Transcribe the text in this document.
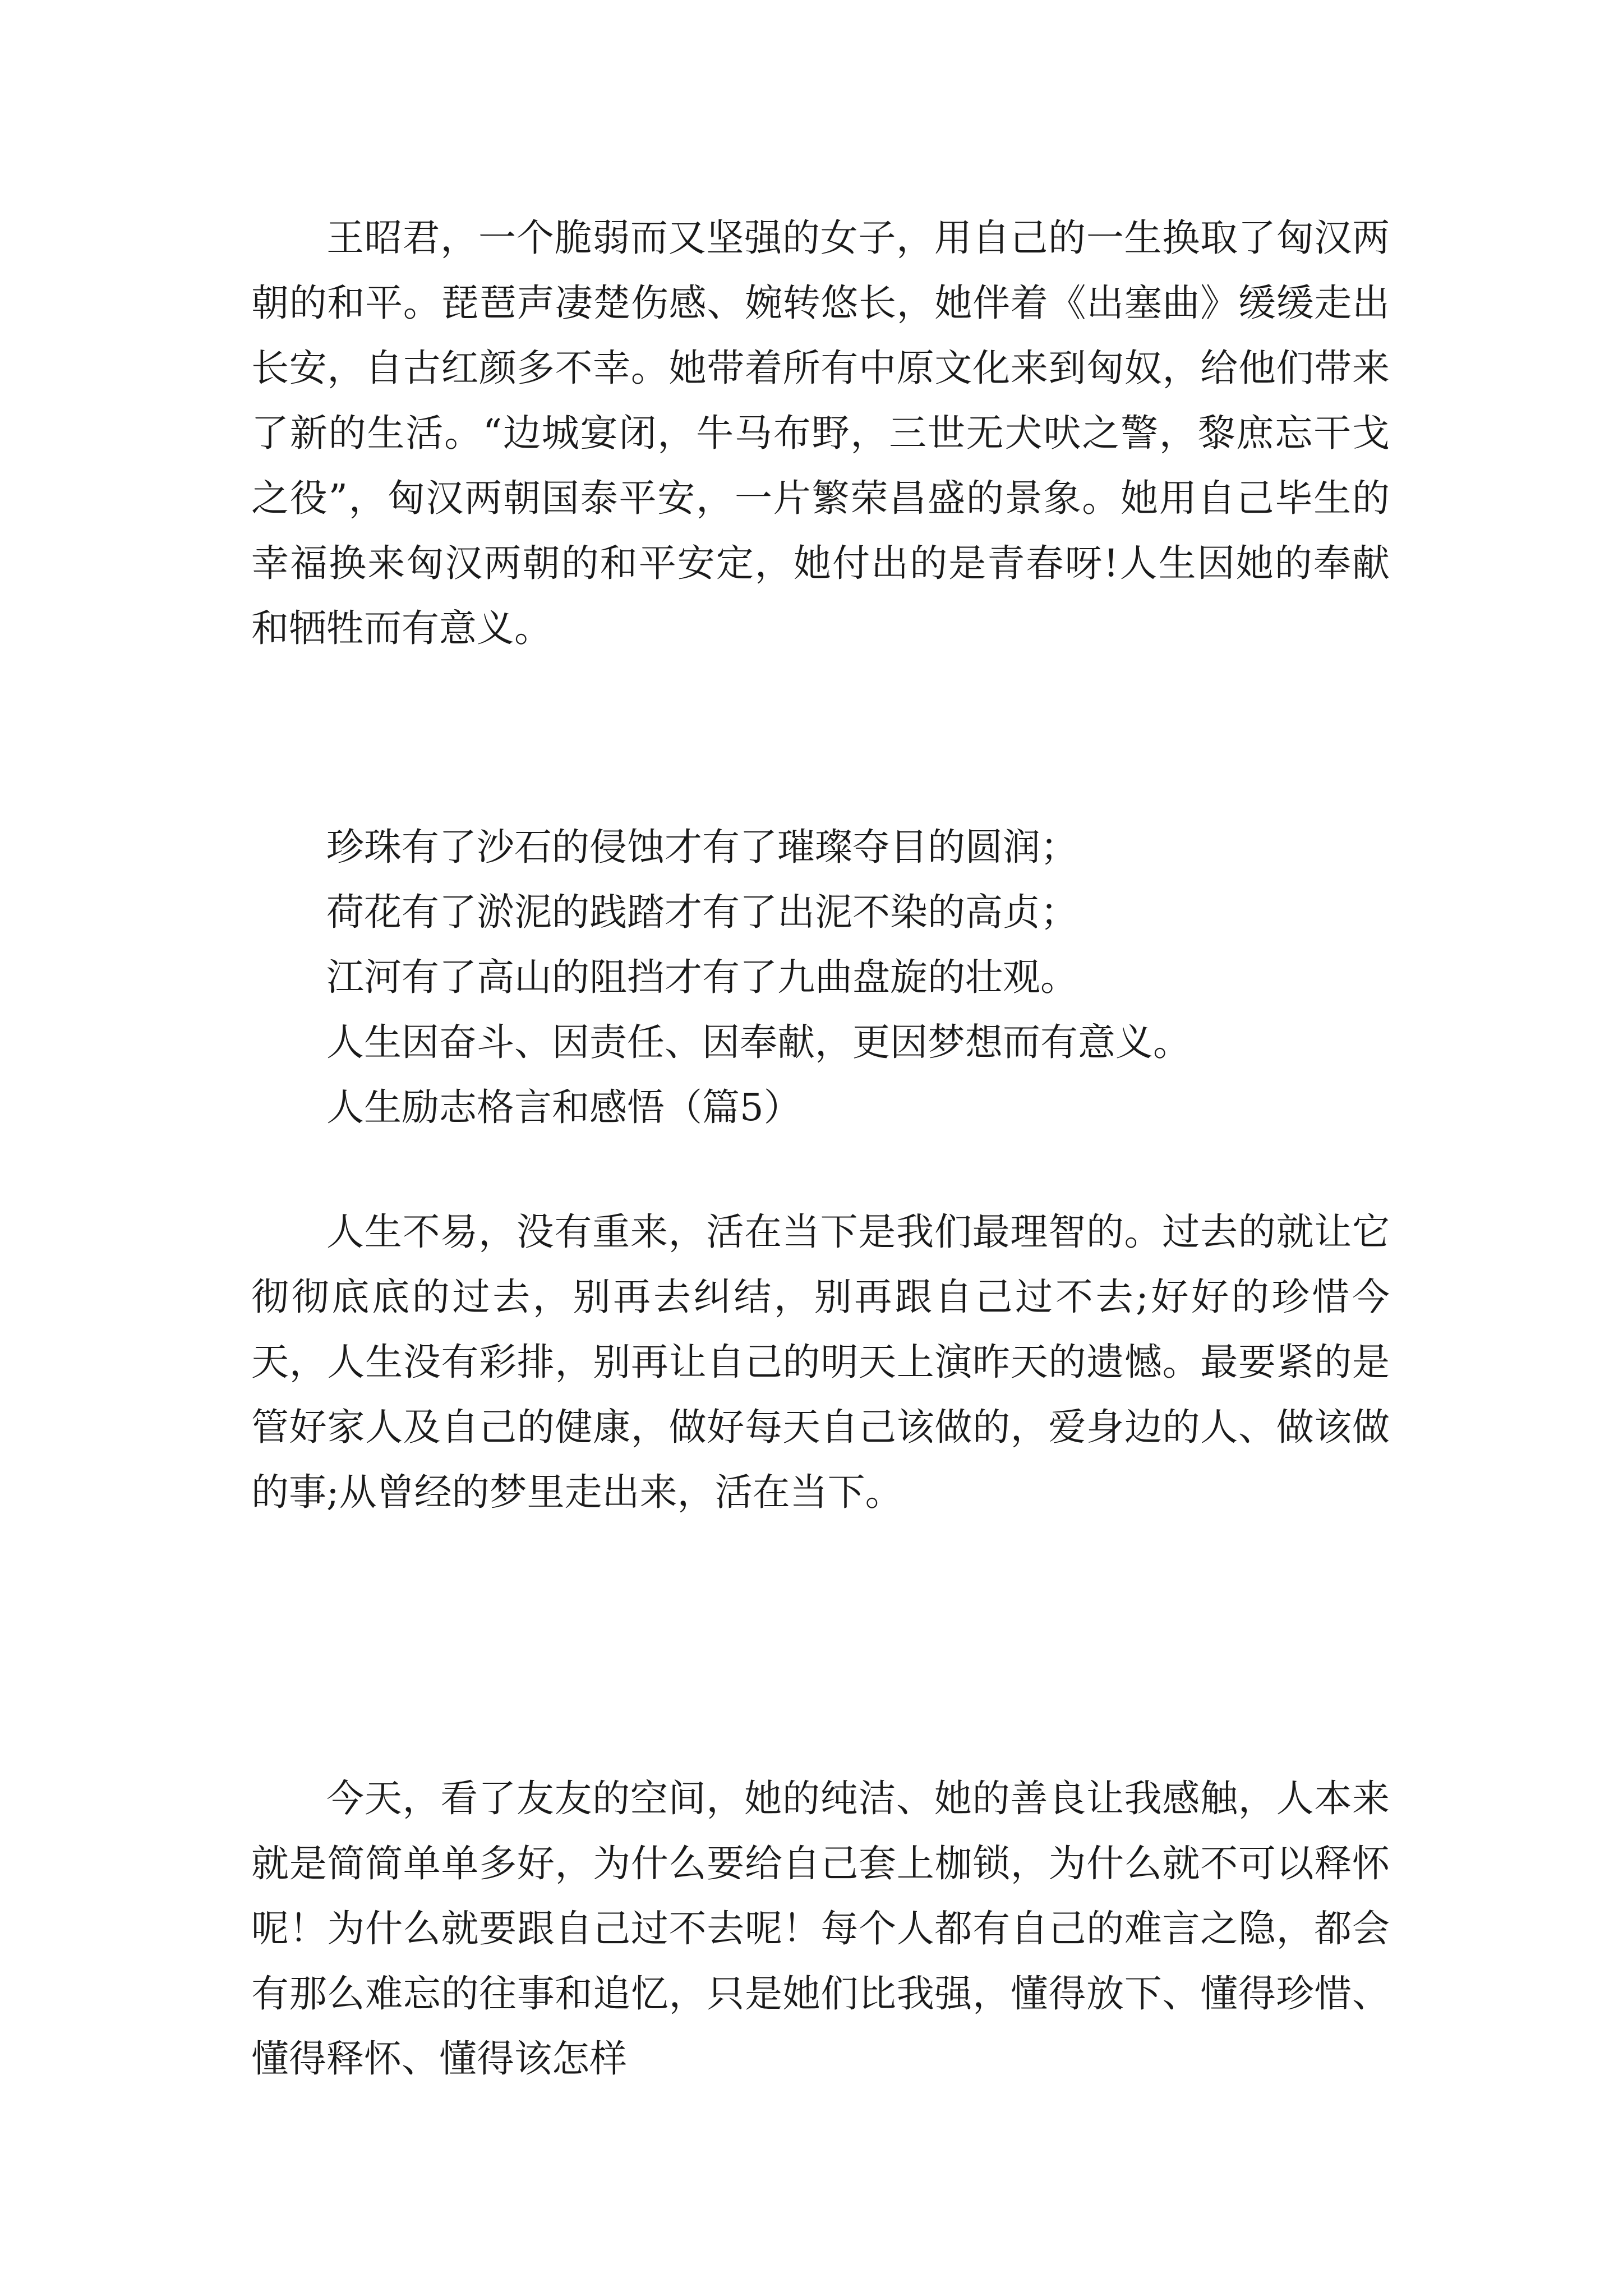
王昭君，一个脆弱而又坚强的女子，用自己的一生换取了匈汉两朝的和平。琵琶声凄楚伤感、婉转悠长，她伴着《出塞曲》缓缓走出长安，自古红颜多不幸。她带着所有中原文化来到匈奴，给他们带来了新的生活。“边城宴闭，牛马布野，三世无犬吠之警，黎庶忘干戈之役”，匈汉两朝国泰平安，一片繁荣昌盛的景象。她用自己毕生的幸福换来匈汉两朝的和平安定，她付出的是青春呀!人生因她的奉献和牺牲而有意义。

珍珠有了沙石的侵蚀才有了璀璨夺目的圆润；

荷花有了淤泥的践踏才有了出泥不染的高贞；

江河有了高山的阻挡才有了九曲盘旋的壮观。

人生因奋斗、因责任、因奉献，更因梦想而有意义。

人生励志格言和感悟（篇5）

人生不易，没有重来，活在当下是我们最理智的。过去的就让它彻彻底底的过去，别再去纠结，别再跟自己过不去;好好的珍惜今天，人生没有彩排，别再让自己的明天上演昨天的遗憾。最要紧的是管好家人及自己的健康，做好每天自己该做的，爱身边的人、做该做的事;从曾经的梦里走出来，活在当下。

今天，看了友友的空间，她的纯洁、她的善良让我感触，人本来就是简简单单多好，为什么要给自己套上枷锁，为什么就不可以释怀呢！为什么就要跟自己过不去呢！每个人都有自己的难言之隐，都会有那么难忘的往事和追忆，只是她们比我强，懂得放下、懂得珍惜、懂得释怀、懂得该怎样
